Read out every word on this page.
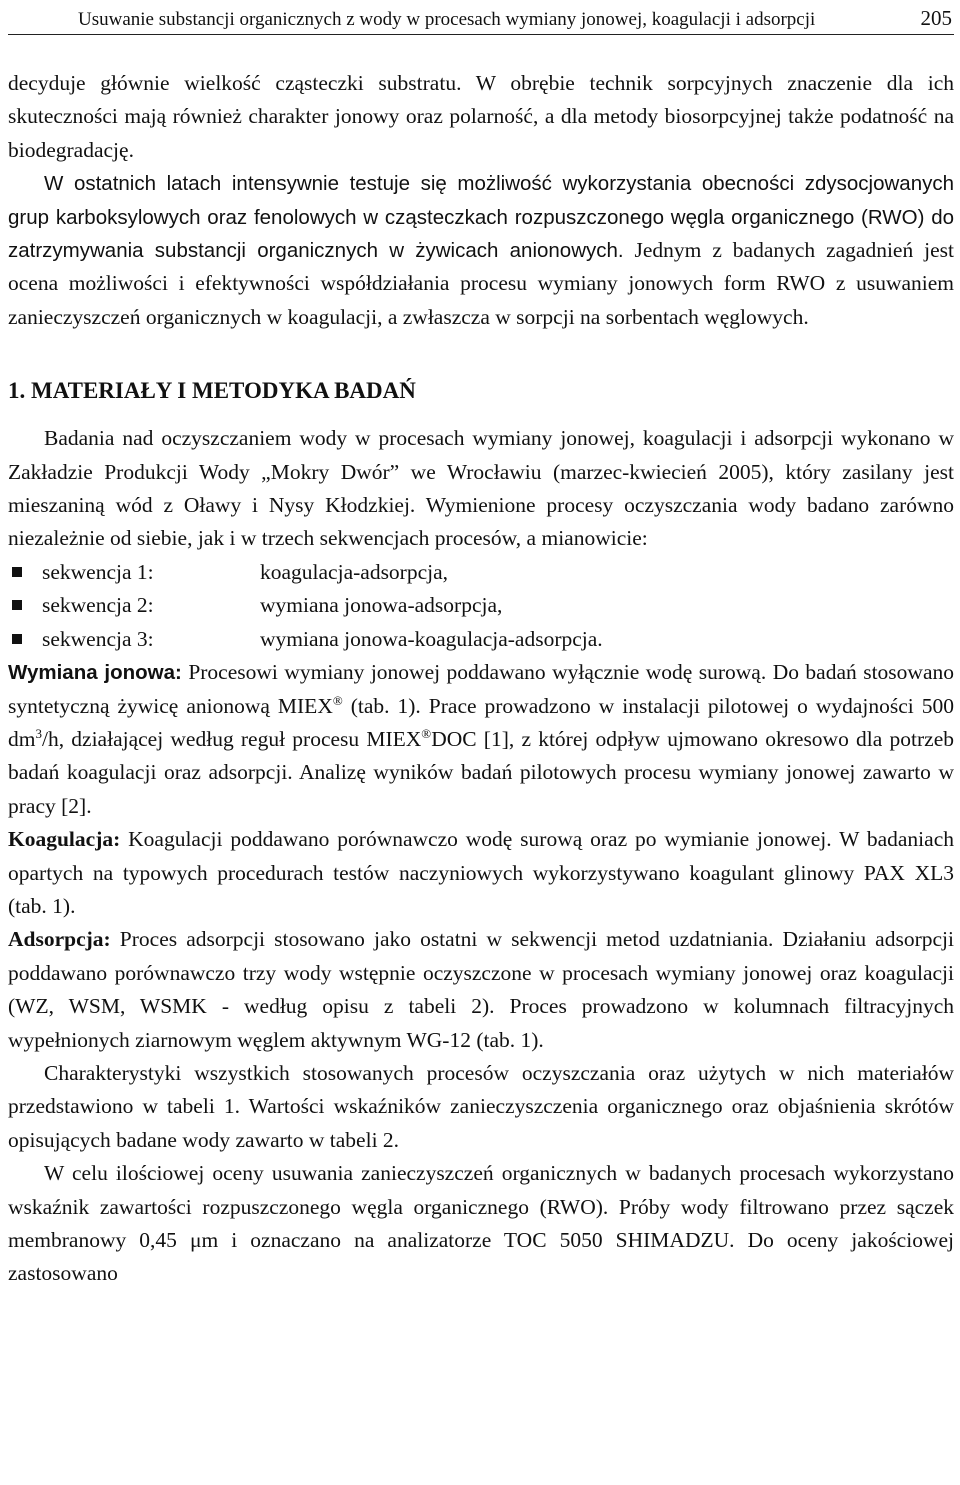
Usuwanie substancji organicznych z wody w procesach wymiany jonowej, koagulacji i adsorpcji	205

decyduje głównie wielkość cząsteczki substratu. W obrębie technik sorpcyjnych znaczenie dla ich skuteczności mają również charakter jonowy oraz polarność, a dla metody biosorpcyjnej także podatność na biodegradację.

W ostatnich latach intensywnie testuje się możliwość wykorzystania obecności zdysocjowanych grup karboksylowych oraz fenolowych w cząsteczkach rozpuszczonego węgla organicznego (RWO) do zatrzymywania substancji organicznych w żywicach anionowych. Jednym z badanych zagadnień jest ocena możliwości i efektywności współdziałania procesu wymiany jonowych form RWO z usuwaniem zanieczyszczeń organicznych w koagulacji, a zwłaszcza w sorpcji na sorbentach węglowych.

1. MATERIAŁY I METODYKA BADAŃ

Badania nad oczyszczaniem wody w procesach wymiany jonowej, koagulacji i adsorpcji wykonano w Zakładzie Produkcji Wody „Mokry Dwór” we Wrocławiu (marzec-kwiecień 2005), który zasilany jest mieszaniną wód z Oławy i Nysy Kłodzkiej. Wymienione procesy oczyszczania wody badano zarówno niezależnie od siebie, jak i w trzech sekwencjach procesów, a mianowicie:

sekwencja 1:	koagulacja-adsorpcja,
sekwencja 2:	wymiana jonowa-adsorpcja,
sekwencja 3:	wymiana jonowa-koagulacja-adsorpcja.

Wymiana jonowa: Procesowi wymiany jonowej poddawano wyłącznie wodę surową. Do badań stosowano syntetyczną żywicę anionową MIEX® (tab. 1). Prace prowadzono w instalacji pilotowej o wydajności 500 $dm^3/h$, działającej według reguł procesu MIEX®DOC [1], z której odpływ ujmowano okresowo dla potrzeb badań koagulacji oraz adsorpcji. Analizę wyników badań pilotowych procesu wymiany jonowej zawarto w pracy [2].

Koagulacja: Koagulacji poddawano porównawczo wodę surową oraz po wymianie jonowej. W badaniach opartych na typowych procedurach testów naczyniowych wykorzystywano koagulant glinowy PAX XL3 (tab. 1).

Adsorpcja: Proces adsorpcji stosowano jako ostatni w sekwencji metod uzdatniania. Działaniu adsorpcji poddawano porównawczo trzy wody wstępnie oczyszczone w procesach wymiany jonowej oraz koagulacji (WZ, WSM, WSMK - według opisu z tabeli 2). Proces prowadzono w kolumnach filtracyjnych wypełnionych ziarnowym węglem aktywnym WG-12 (tab. 1).

Charakterystyki wszystkich stosowanych procesów oczyszczania oraz użytych w nich materiałów przedstawiono w tabeli 1. Wartości wskaźników zanieczyszczenia organicznego oraz objaśnienia skrótów opisujących badane wody zawarto w tabeli 2.

W celu ilościowej oceny usuwania zanieczyszczeń organicznych w badanych procesach wykorzystano wskaźnik zawartości rozpuszczonego węgla organicznego (RWO). Próby wody filtrowano przez sączek membranowy 0,45 μm i oznaczano na analizatorze TOC 5050 SHIMADZU. Do oceny jakościowej zastosowano
